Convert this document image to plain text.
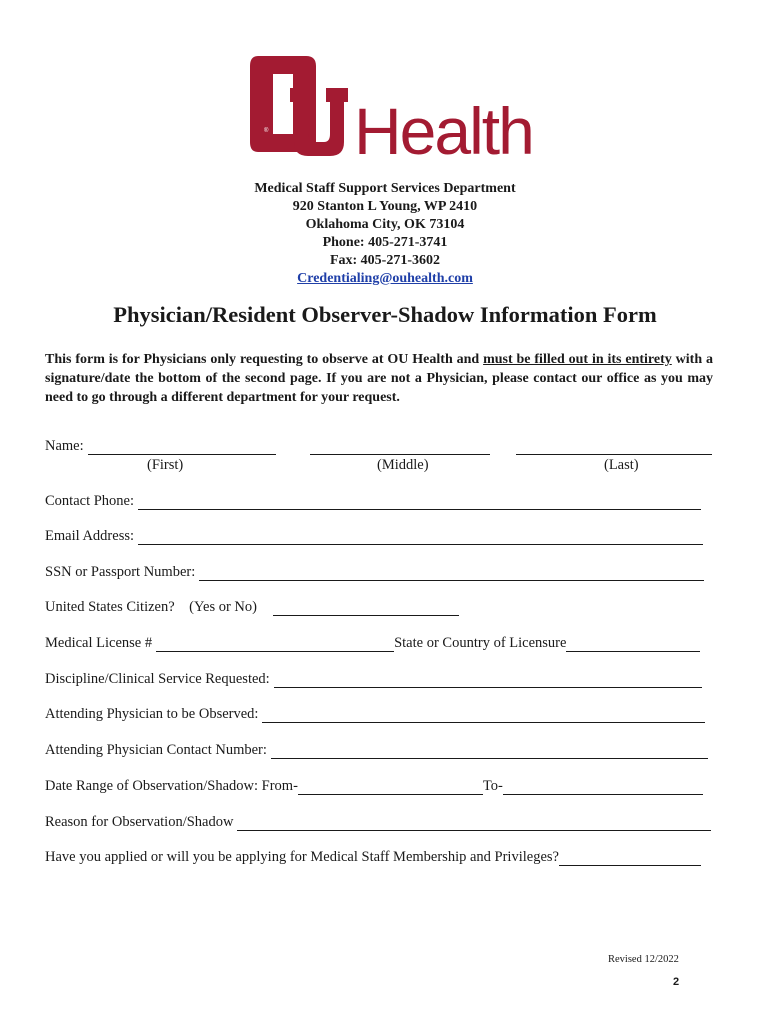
® Health
Medical Staff Support Services Department
920 Stanton L Young, WP 2410
Oklahoma City, OK 73104
Phone: 405-271-3741
Fax: 405-271-3602
Credentialing@ouhealth.com
Physician/Resident Observer-Shadow Information Form
This form is for Physicians only requesting to observe at OU Health and must be filled out in its entirety with a signature/date the bottom of the second page. If you are not a Physician, please contact our office as you may need to go through a different department for your request.
Name:
(First)	(Middle)	(Last)
Contact Phone:
Email Address:
SSN or Passport Number:
United States Citizen?    (Yes or No)
Medical License #	State or Country of Licensure
Discipline/Clinical Service Requested:
Attending Physician to be Observed:
Attending Physician Contact Number:
Date Range of Observation/Shadow: From-	To-
Reason for Observation/Shadow
Have you applied or will you be applying for Medical Staff Membership and Privileges?
Revised 12/2022
2
